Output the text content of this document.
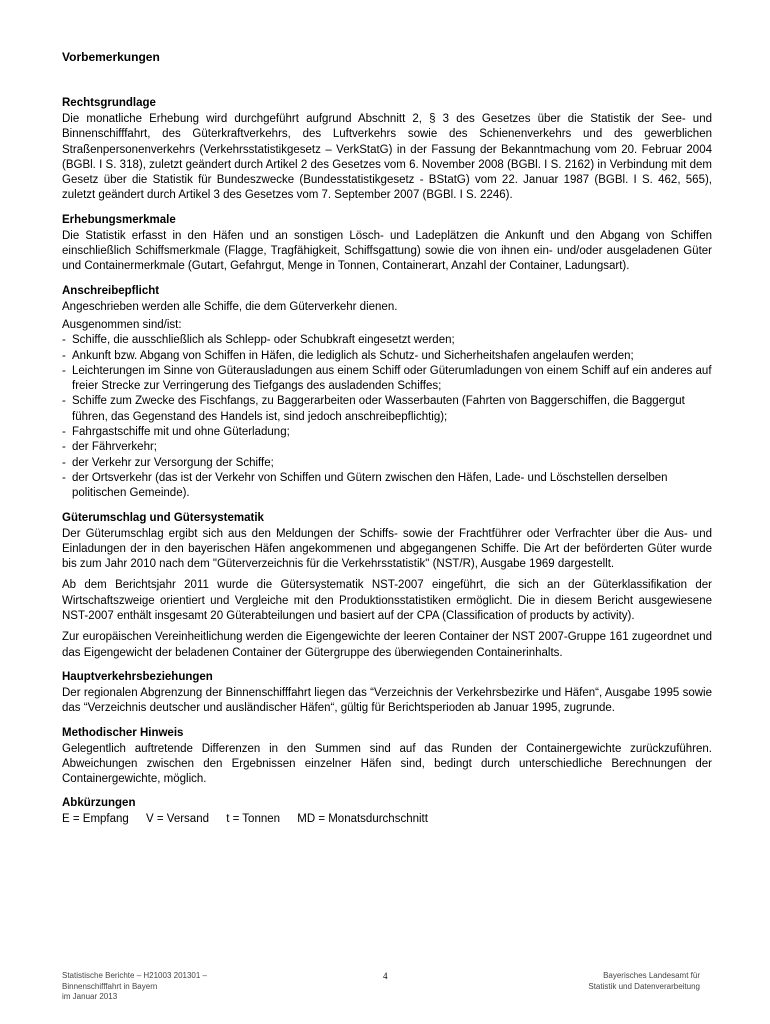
Vorbemerkungen
Rechtsgrundlage

Die monatliche Erhebung wird durchgeführt aufgrund Abschnitt 2, § 3 des Gesetzes über die Statistik der See- und Binnenschifffahrt, des Güterkraftverkehrs, des Luftverkehrs sowie des Schienenverkehrs und des gewerblichen Straßenpersonenverkehrs (Verkehrsstatistikgesetz – VerkStatG) in der Fassung der Bekanntmachung vom 20. Februar 2004 (BGBl. I S. 318), zuletzt geändert durch Artikel 2 des Gesetzes vom 6. November 2008 (BGBl. I S. 2162) in Verbindung mit dem Gesetz über die Statistik für Bundeszwecke (Bundesstatistikgesetz - BStatG) vom 22. Januar 1987 (BGBl. I S. 462, 565), zuletzt geändert durch Artikel 3 des Gesetzes vom 7. September 2007 (BGBl. I S. 2246).

Erhebungsmerkmale

Die Statistik erfasst in den Häfen und an sonstigen Lösch- und Ladeplätzen die Ankunft und den Abgang von Schiffen einschließlich Schiffsmerkmale (Flagge, Tragfähigkeit, Schiffsgattung) sowie die von ihnen ein- und/oder ausgeladenen Güter und Containermerkmale (Gutart, Gefahrgut, Menge in Tonnen, Containerart, Anzahl der Container, Ladungsart).

Anschreibepflicht

Angeschrieben werden alle Schiffe, die dem Güterverkehr dienen.

Ausgenommen sind/ist:

- Schiffe, die ausschließlich als Schlepp- oder Schubkraft eingesetzt werden;
- Ankunft bzw. Abgang von Schiffen in Häfen, die lediglich als Schutz- und Sicherheitshafen angelaufen werden;
- Leichterungen im Sinne von Güterausladungen aus einem Schiff oder Güterumladungen von einem Schiff auf ein anderes auf freier Strecke zur Verringerung des Tiefgangs des ausladenden Schiffes;
- Schiffe zum Zwecke des Fischfangs, zu Baggerarbeiten oder Wasserbauten (Fahrten von Baggerschiffen, die Baggergut führen, das Gegenstand des Handels ist, sind jedoch anschreibepflichtig);
- Fahrgastschiffe mit und ohne Güterladung;
- der Fährverkehr;
- der Verkehr zur Versorgung der Schiffe;
- der Ortsverkehr (das ist der Verkehr von Schiffen und Gütern zwischen den Häfen, Lade- und Löschstellen derselben politischen Gemeinde).
Güterumschlag und Gütersystematik

Der Güterumschlag ergibt sich aus den Meldungen der Schiffs- sowie der Frachtführer oder Verfrachter über die Aus- und Einladungen der in den bayerischen Häfen angekommenen und abgegangenen Schiffe. Die Art der beförderten Güter wurde bis zum Jahr 2010 nach dem "Güterverzeichnis für die Verkehrsstatistik" (NST/R), Ausgabe 1969 dargestellt.

Ab dem Berichtsjahr 2011 wurde die Gütersystematik NST-2007 eingeführt, die sich an der Güterklassifikation der Wirtschaftszweige orientiert und Vergleiche mit den Produktionsstatistiken ermöglicht. Die in diesem Bericht ausgewiesene NST-2007 enthält insgesamt 20 Güterabteilungen und basiert auf der CPA (Classification of products by activity).

Zur europäischen Vereinheitlichung werden die Eigengewichte der leeren Container der NST 2007-Gruppe 161 zugeordnet und das Eigengewicht der beladenen Container der Gütergruppe des überwiegenden Containerinhalts.

Hauptverkehrsbeziehungen

Der regionalen Abgrenzung der Binnenschifffahrt liegen das “Verzeichnis der Verkehrsbezirke und Häfen“, Ausgabe 1995 sowie das “Verzeichnis deutscher und ausländischer Häfen“, gültig für Berichtsperioden ab Januar 1995, zugrunde.

Methodischer Hinweis

Gelegentlich auftretende Differenzen in den Summen sind auf das Runden der Containergewichte zurückzuführen. Abweichungen zwischen den Ergebnissen einzelner Häfen sind, bedingt durch unterschiedliche Berechnungen der Containergewichte, möglich.

Abkürzungen
E = Empfang V = Versand t = Tonnen MD = Monatsdurchschnitt
Statistische Berichte – H21003 201301 –
Binnenschifffahrt in Bayern
im Januar 2013
4	Bayerisches Landesamt für
Statistik und Datenverarbeitung
